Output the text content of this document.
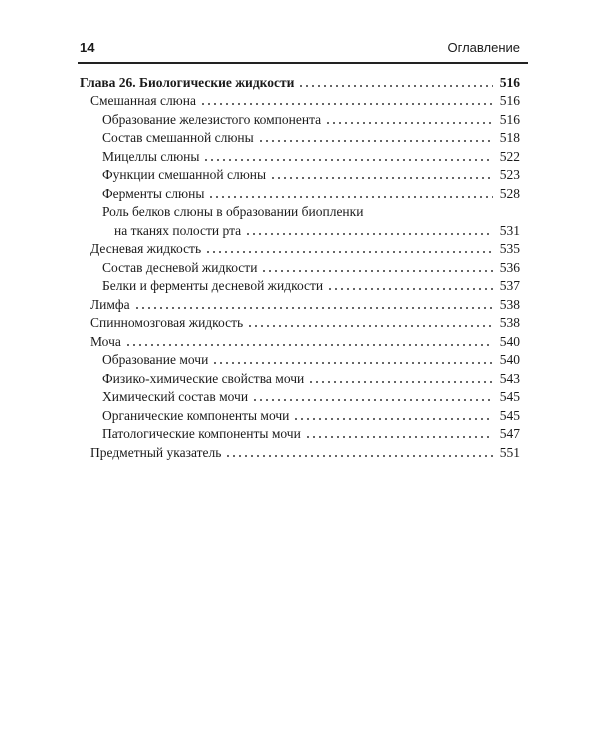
14	Оглавление
Глава 26. Биологические жидкости	516
Смешанная слюна	516
Образование железистого компонента	516
Состав смешанной слюны	518
Мицеллы слюны	522
Функции смешанной слюны	523
Ферменты слюны	528
Роль белков слюны в образовании биопленки
на тканях полости рта	531
Десневая жидкость	535
Состав десневой жидкости	536
Белки и ферменты десневой жидкости	537
Лимфа	538
Спинномозговая жидкость	538
Моча	540
Образование мочи	540
Физико-химические свойства мочи	543
Химический состав мочи	545
Органические компоненты мочи	545
Патологические компоненты мочи	547
Предметный указатель	551
